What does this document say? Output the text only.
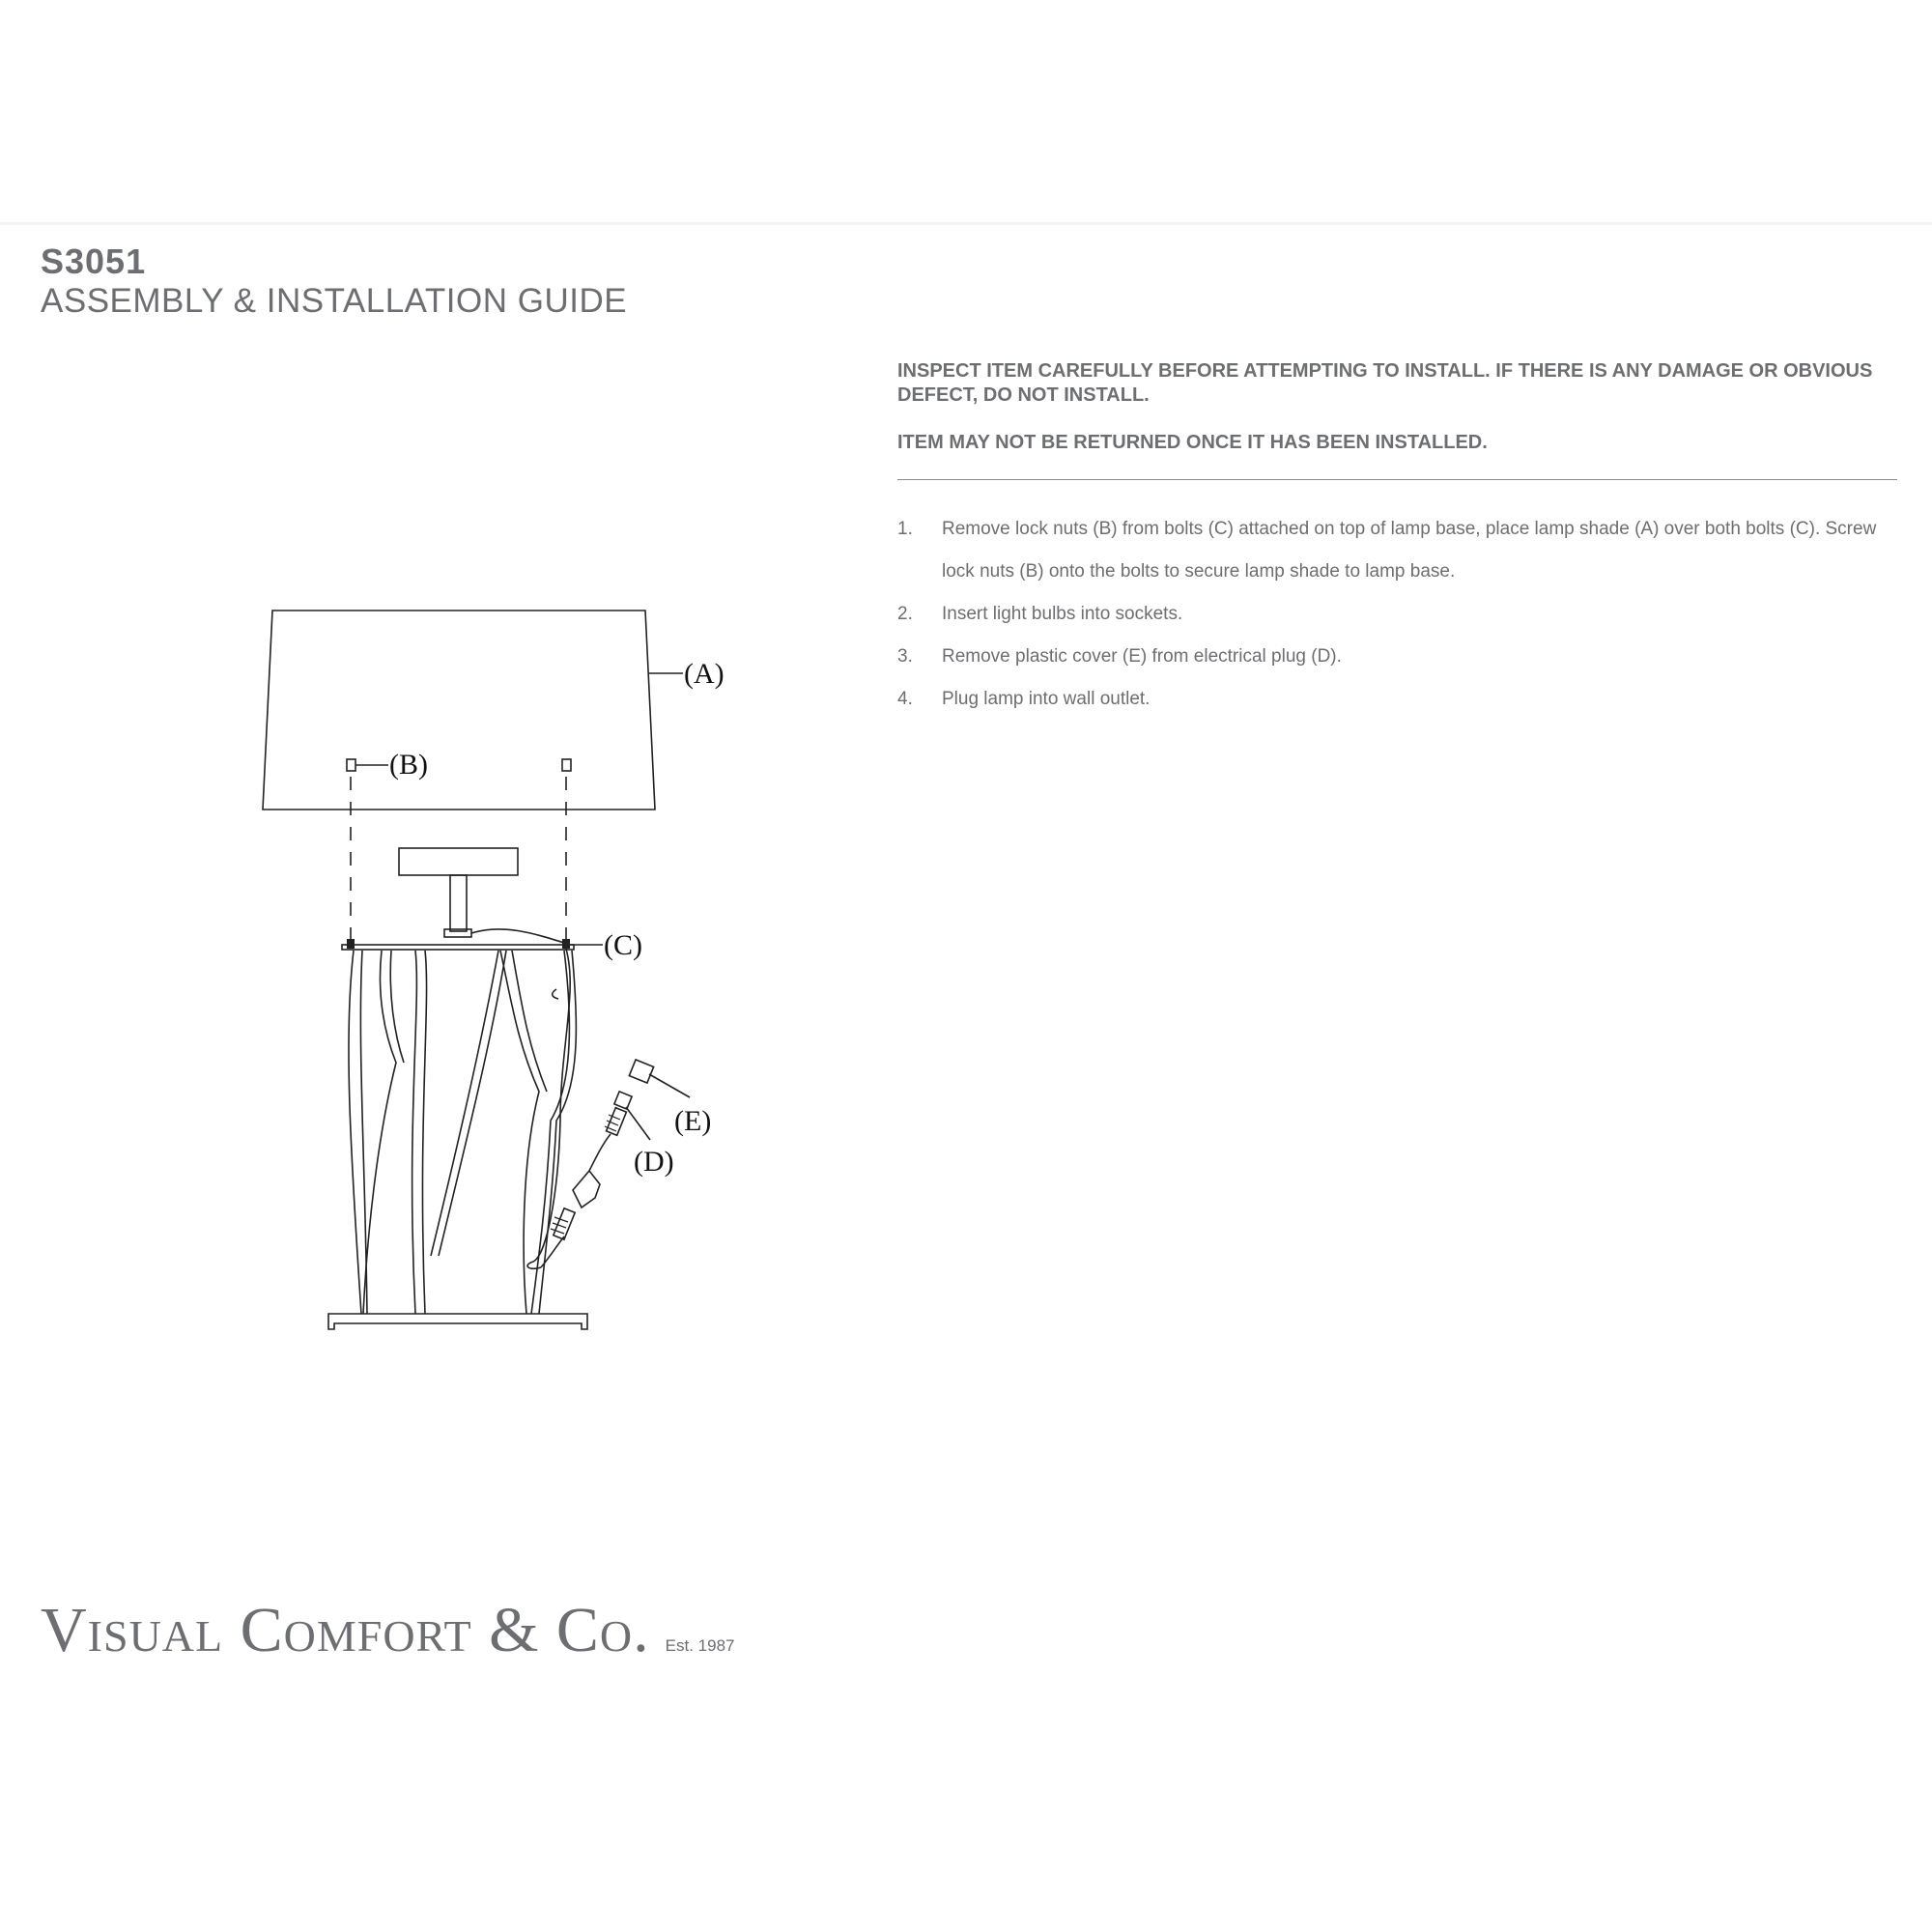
S3051
ASSEMBLY & INSTALLATION GUIDE
INSPECT ITEM CAREFULLY BEFORE ATTEMPTING TO INSTALL. IF THERE IS ANY DAMAGE OR OBVIOUS DEFECT, DO NOT INSTALL.
ITEM MAY NOT BE RETURNED ONCE IT HAS BEEN INSTALLED.
1. Remove lock nuts (B) from bolts (C) attached on top of lamp base, place lamp shade (A) over both bolts (C). Screw lock nuts (B) onto the bolts to secure lamp shade to lamp base.
2. Insert light bulbs into sockets.
3. Remove plastic cover (E) from electrical plug (D).
4. Plug lamp into wall outlet.
(A)
(B)
(C)
(D)
(E)
Visual Comfort & Co. Est. 1987
